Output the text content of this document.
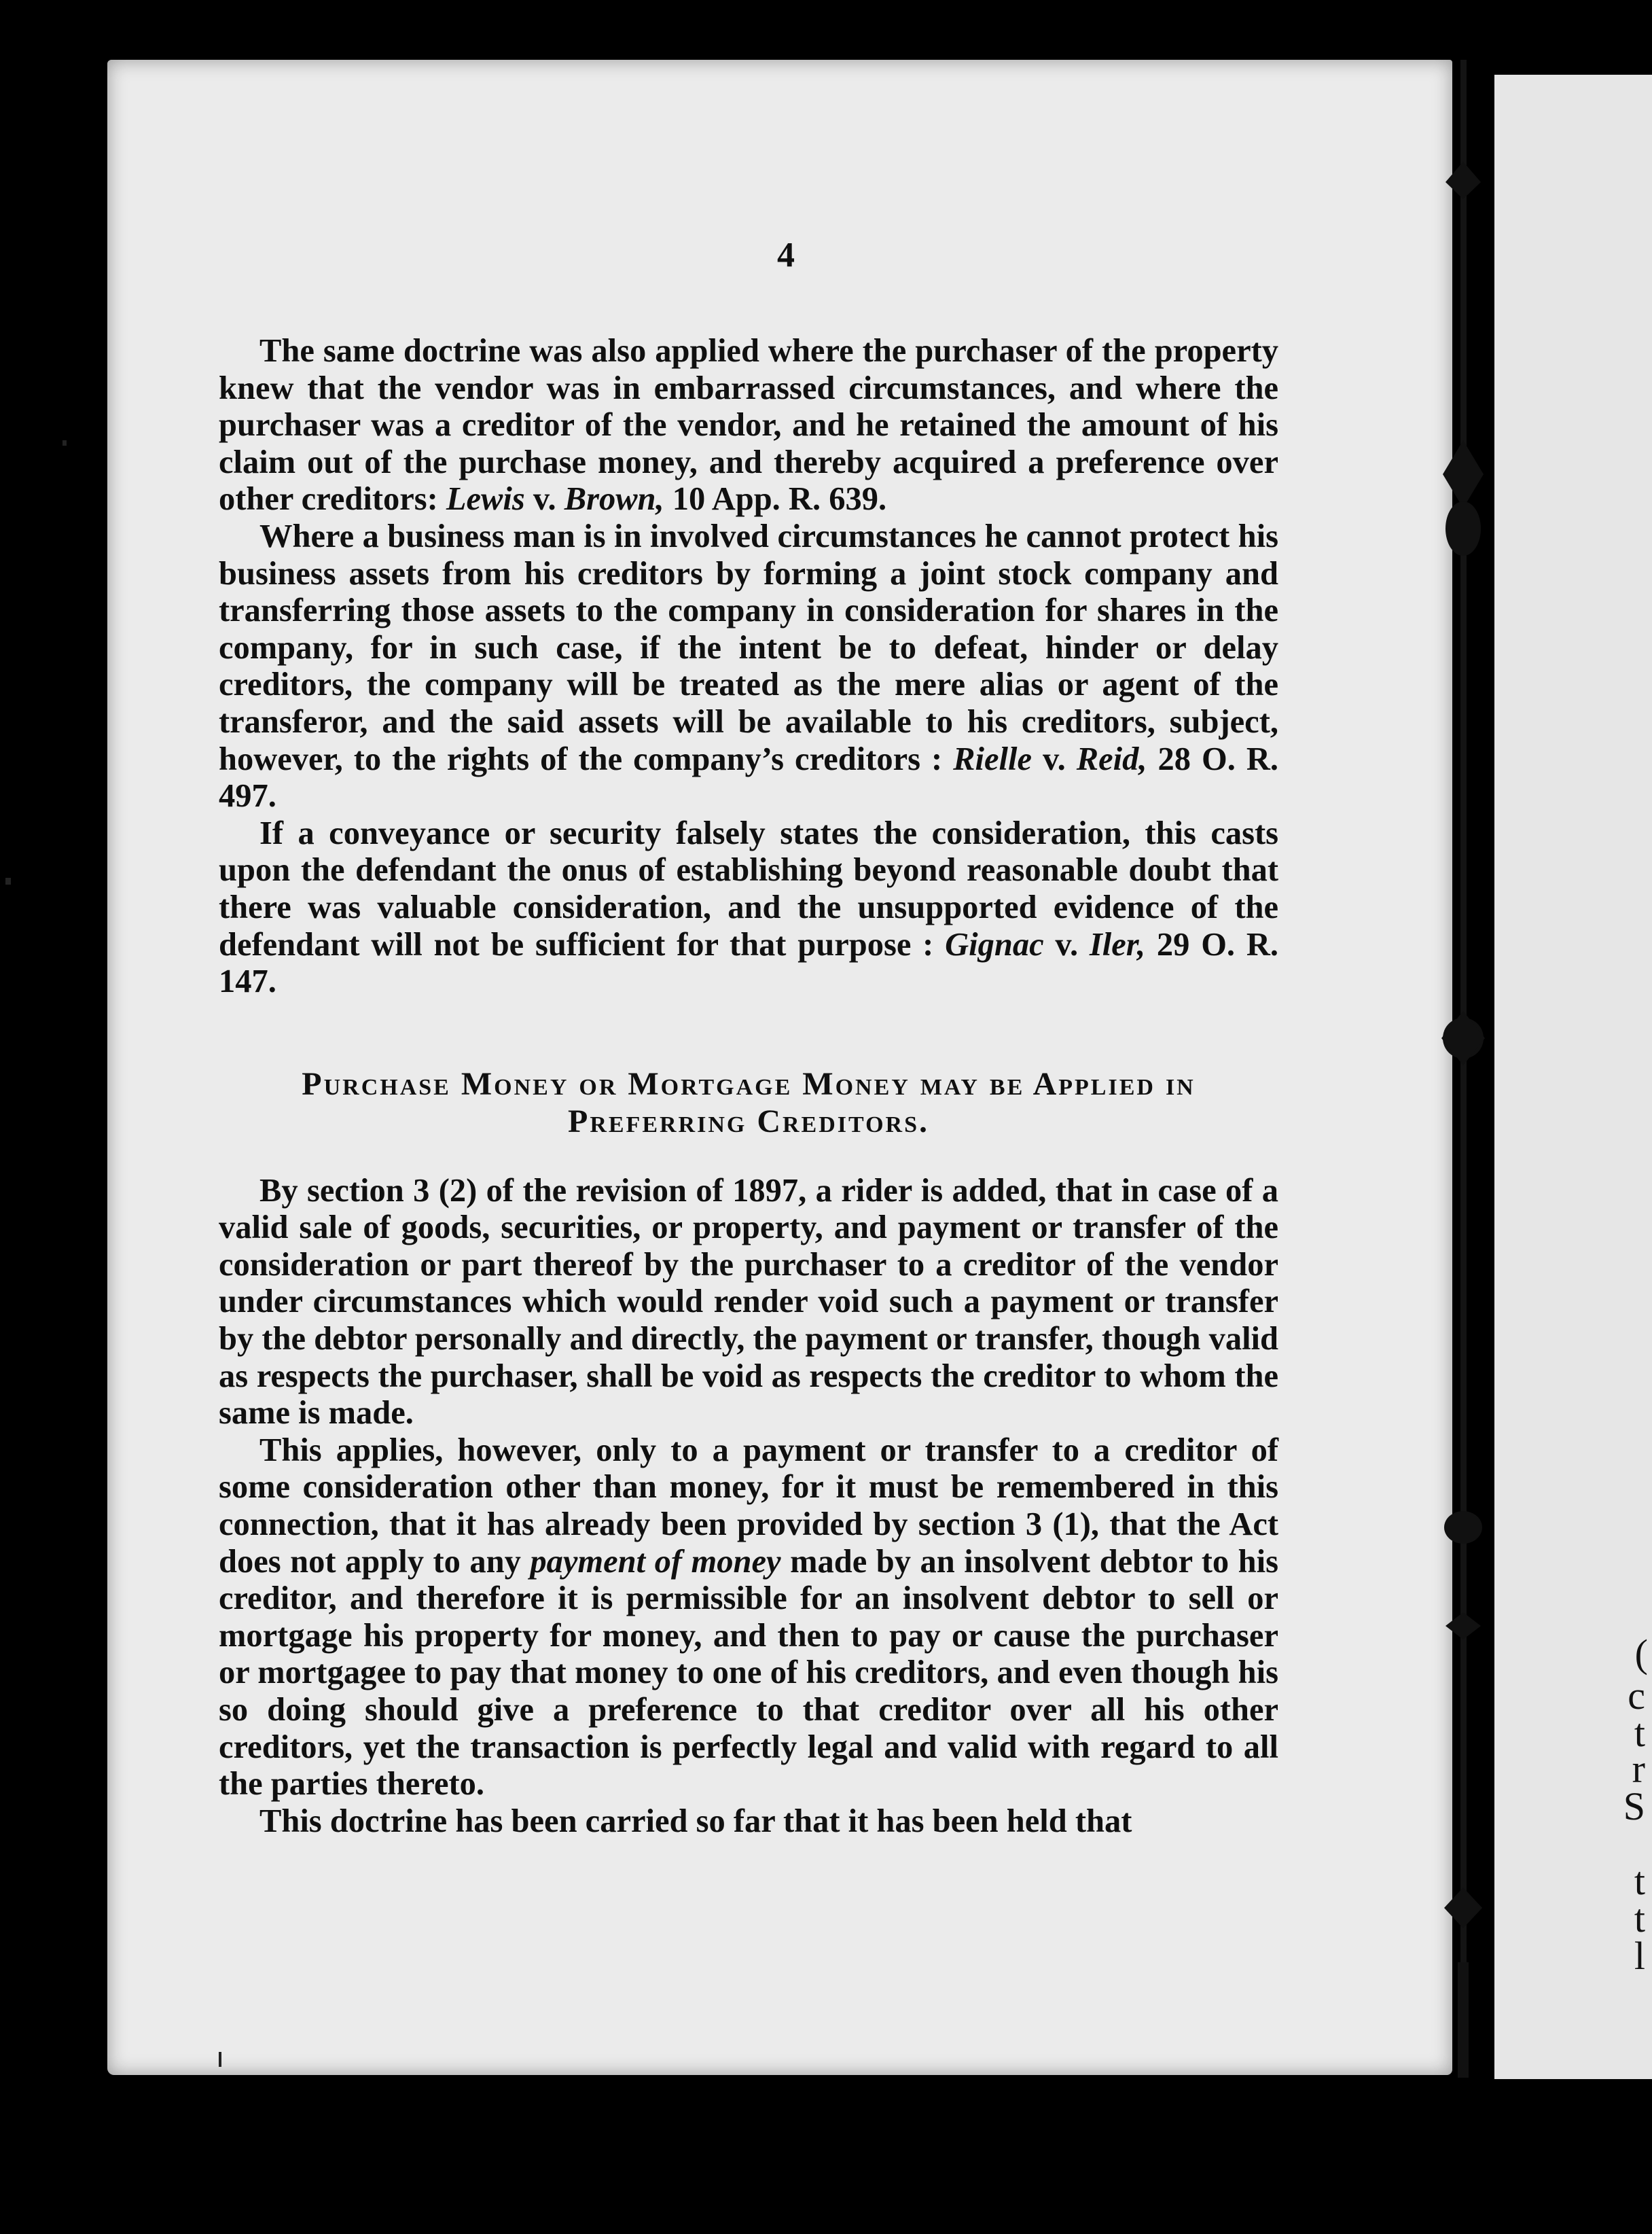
(
c
t
r
S
t
t
l
4

The same doctrine was also applied where the purchaser of the property knew that the vendor was in embarrassed circumstances, and where the purchaser was a creditor of the vendor, and he retained the amount of his claim out of the purchase money, and thereby acquired a preference over other creditors: Lewis v. Brown, 10 App. R. 639.

Where a business man is in involved circumstances he cannot protect his business assets from his creditors by forming a joint stock company and transferring those assets to the company in consideration for shares in the company, for in such case, if the intent be to defeat, hinder or delay creditors, the company will be treated as the mere alias or agent of the transferor, and the said assets will be available to his creditors, subject, however, to the rights of the company’s creditors : Rielle v. Reid, 28 O. R. 497.

If a conveyance or security falsely states the consideration, this casts upon the defendant the onus of establishing beyond reasonable doubt that there was valuable consideration, and the unsupported evidence of the defendant will not be sufficient for that purpose : Gignac v. Iler, 29 O. R. 147.

Purchase Money or Mortgage Money may be Applied in
Preferring Creditors.

By section 3 (2) of the revision of 1897, a rider is added, that in case of a valid sale of goods, securities, or property, and payment or transfer of the consideration or part thereof by the purchaser to a creditor of the vendor under circumstances which would render void such a payment or transfer by the debtor personally and directly, the payment or transfer, though valid as respects the purchaser, shall be void as respects the creditor to whom the same is made.

This applies, however, only to a payment or transfer to a creditor of some consideration other than money, for it must be remembered in this connection, that it has already been provided by section 3 (1), that the Act does not apply to any payment of money made by an insolvent debtor to his creditor, and therefore it is permissible for an insolvent debtor to sell or mortgage his property for money, and then to pay or cause the purchaser or mortgagee to pay that money to one of his creditors, and even though his so doing should give a preference to that creditor over all his other creditors, yet the transaction is perfectly legal and valid with regard to all the parties thereto.

This doctrine has been carried so far that it has been held that
